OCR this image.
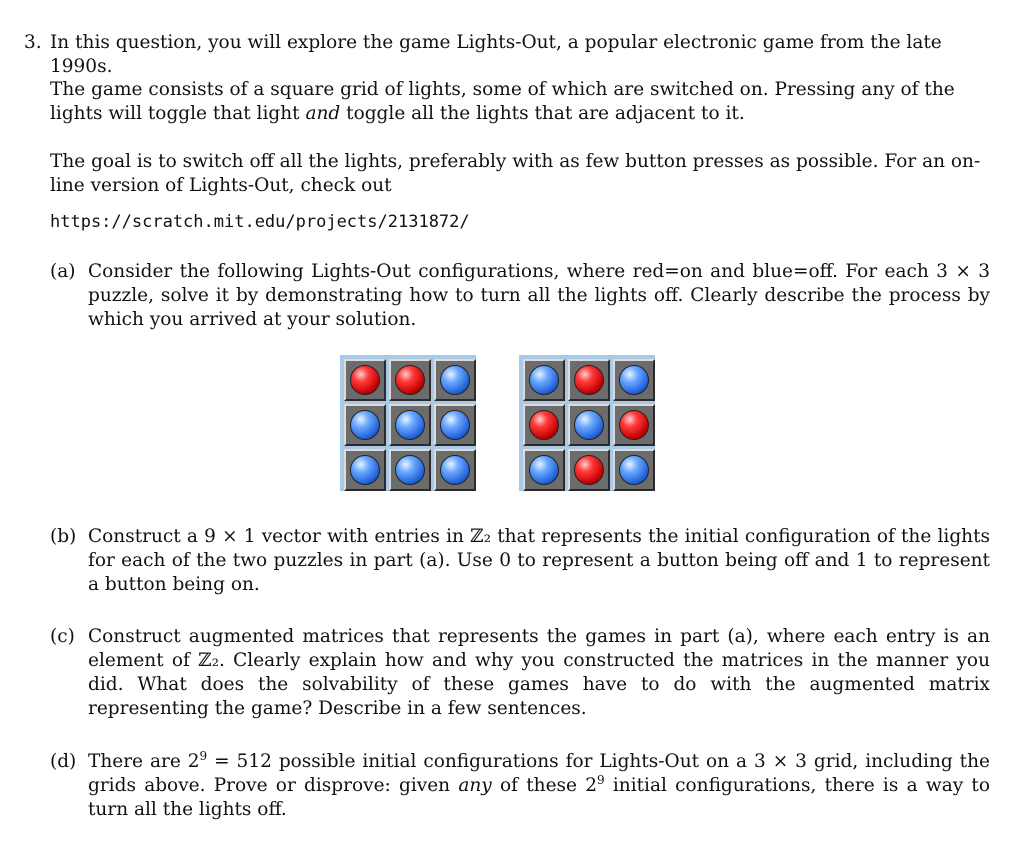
3. In this question, you will explore the game Lights-Out, a popular electronic game from the late 1990s.
The game consists of a square grid of lights, some of which are switched on. Pressing any of the lights will toggle that light and toggle all the lights that are adjacent to it.
The goal is to switch off all the lights, preferably with as few button presses as possible. For an on-line version of Lights-Out, check out
https://scratch.mit.edu/projects/2131872/
(a) Consider the following Lights-Out configurations, where red=on and blue=off. For each 3 × 3 puzzle, solve it by demonstrating how to turn all the lights off. Clearly describe the process by which you arrived at your solution.
(b) Construct a 9 × 1 vector with entries in ℤ₂ that represents the initial configuration of the lights for each of the two puzzles in part (a). Use 0 to represent a button being off and 1 to represent a button being on.
(c) Construct augmented matrices that represents the games in part (a), where each entry is an element of ℤ₂. Clearly explain how and why you constructed the matrices in the manner you did. What does the solvability of these games have to do with the augmented matrix representing the game? Describe in a few sentences.
(d) There are $2^9 = 512$ possible initial configurations for Lights-Out on a 3 × 3 grid, including the grids above. Prove or disprove: given any of these $2^9$ initial configurations, there is a way to turn all the lights off.
